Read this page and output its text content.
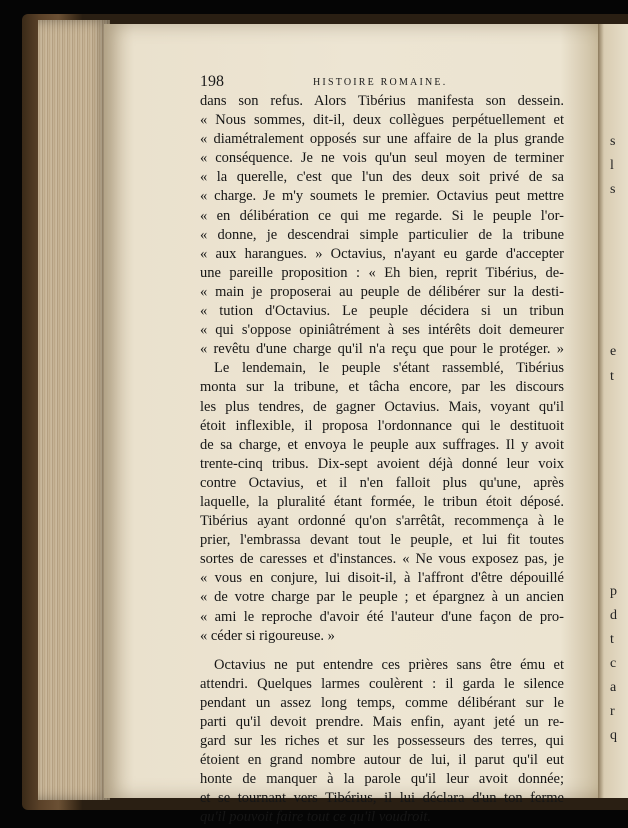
s
l
s
e
t
p
d
t
c
a
r
q
198	HISTOIRE ROMAINE.
dans son refus. Alors Tibérius manifesta son dessein.
« Nous sommes, dit-il, deux collègues perpétuellement et
« diamétralement opposés sur une affaire de la plus grande
« conséquence. Je ne vois qu'un seul moyen de terminer
« la querelle, c'est que l'un des deux soit privé de sa
« charge. Je m'y soumets le premier. Octavius peut mettre
« en délibération ce qui me regarde. Si le peuple l'or-
« donne, je descendrai simple particulier de la tribune
« aux harangues. » Octavius, n'ayant eu garde d'accepter
une pareille proposition : « Eh bien, reprit Tibérius, de-
« main je proposerai au peuple de délibérer sur la desti-
« tution d'Octavius. Le peuple décidera si un tribun
« qui s'oppose opiniâtrément à ses intérêts doit demeurer
« revêtu d'une charge qu'il n'a reçu que pour le protéger. »
Le lendemain, le peuple s'étant rassemblé, Tibérius
monta sur la tribune, et tâcha encore, par les discours
les plus tendres, de gagner Octavius. Mais, voyant qu'il
étoit inflexible, il proposa l'ordonnance qui le destituoit
de sa charge, et envoya le peuple aux suffrages. Il y avoit
trente-cinq tribus. Dix-sept avoient déjà donné leur voix
contre Octavius, et il n'en falloit plus qu'une, après
laquelle, la pluralité étant formée, le tribun étoit déposé.
Tibérius ayant ordonné qu'on s'arrêtât, recommença à le
prier, l'embrassa devant tout le peuple, et lui fit toutes
sortes de caresses et d'instances. « Ne vous exposez pas, je
« vous en conjure, lui disoit-il, à l'affront d'être dépouillé
« de votre charge par le peuple ; et épargnez à un ancien
« ami le reproche d'avoir été l'auteur d'une façon de pro-
« céder si rigoureuse. »
Octavius ne put entendre ces prières sans être ému et
attendri. Quelques larmes coulèrent : il garda le silence
pendant un assez long temps, comme délibérant sur le
parti qu'il devoit prendre. Mais enfin, ayant jeté un re-
gard sur les riches et sur les possesseurs des terres, qui
étoient en grand nombre autour de lui, il parut qu'il eut
honte de manquer à la parole qu'il leur avoit donnée;
et se tournant vers Tibérius, il lui déclara d'un ton ferme
qu'il pouvoit faire tout ce qu'il voudroit.
